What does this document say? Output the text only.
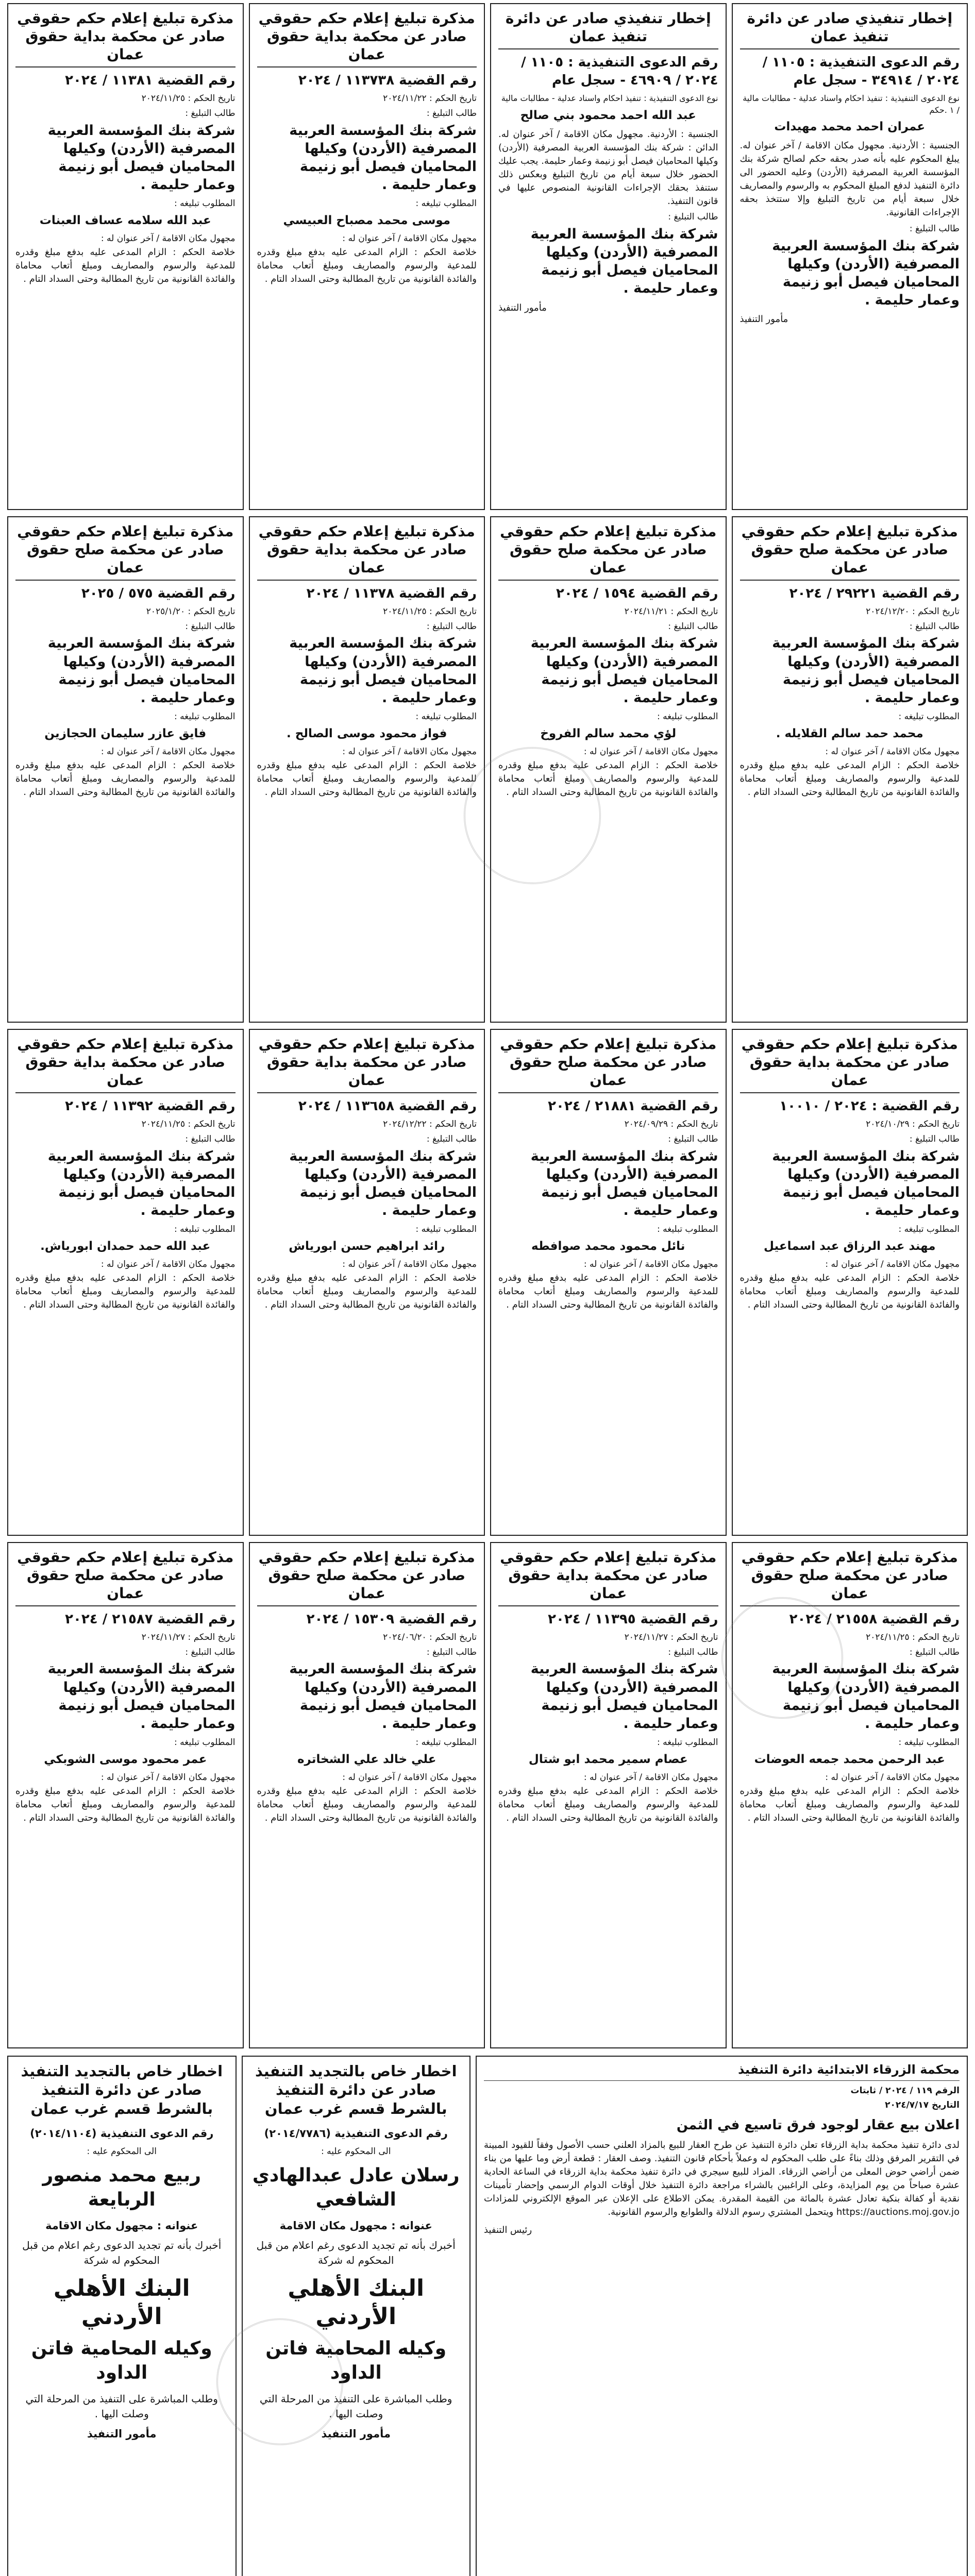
إخطار تنفيذي صادر عن دائرة تنفيذ عمان
رقم الدعوى التنفيذية : ١١٠٥ / ٢٠٢٤ / ٣٤٩١٤ - سجل عام
نوع الدعوى التنفيذية : تنفيذ احكام واسناد عدلية - مطالبات مالية / ١ .حكم
عمران احمد محمد مهيدات
الجنسية : الأردنية. مجهول مكان الاقامة / آخر عنوان له. يبلغ المحكوم عليه بأنه صدر بحقه حكم لصالح شركة بنك المؤسسة العربية المصرفية (الأردن) وعليه الحضور الى دائرة التنفيذ لدفع المبلغ المحكوم به والرسوم والمصاريف خلال سبعة أيام من تاريخ التبليغ وإلا ستتخذ بحقه الإجراءات القانونية.
طالب التبليغ :
شركة بنك المؤسسة العربية المصرفية (الأردن) وكيلها المحاميان فيصل أبو زنيمة وعمار حليمة .
مأمور التنفيذ
إخطار تنفيذي صادر عن دائرة تنفيذ عمان
رقم الدعوى التنفيذية : ١١٠٥ / ٢٠٢٤ / ٤٦٩٠٩ - سجل عام
نوع الدعوى التنفيذية : تنفيذ احكام واسناد عدلية - مطالبات مالية
عبد الله احمد محمود بني صالح
الجنسية : الأردنية. مجهول مكان الاقامة / آخر عنوان له. الدائن : شركة بنك المؤسسة العربية المصرفية (الأردن) وكيلها المحاميان فيصل أبو زنيمة وعمار حليمة. يجب عليك الحضور خلال سبعة أيام من تاريخ التبليغ وبعكس ذلك ستنفذ بحقك الإجراءات القانونية المنصوص عليها في قانون التنفيذ.
طالب التبليغ :
شركة بنك المؤسسة العربية المصرفية (الأردن) وكيلها المحاميان فيصل أبو زنيمة وعمار حليمة .
مأمور التنفيذ
مذكرة تبليغ إعلام حكم حقوقي صادر عن محكمة بداية حقوق عمان
رقم القضية ١١٣٧٣٨ / ٢٠٢٤
تاريخ الحكم : ٢٠٢٤/١١/٢٢
طالب التبليغ :
شركة بنك المؤسسة العربية المصرفية (الأردن) وكيلها المحاميان فيصل أبو زنيمة وعمار حليمة .
المطلوب تبليغه :
موسى محمد مصباح العبيسي
مجهول مكان الاقامة / آخر عنوان له :
خلاصة الحكم : الزام المدعى عليه بدفع مبلغ وقدره للمدعية والرسوم والمصاريف ومبلغ أتعاب محاماة والفائدة القانونية من تاريخ المطالبة وحتى السداد التام .
مذكرة تبليغ إعلام حكم حقوقي صادر عن محكمة بداية حقوق عمان
رقم القضية ١١٣٨١ / ٢٠٢٤
تاريخ الحكم : ٢٠٢٤/١١/٢٥
طالب التبليغ :
شركة بنك المؤسسة العربية المصرفية (الأردن) وكيلها المحاميان فيصل أبو زنيمة وعمار حليمة .
المطلوب تبليغه :
عبد الله سلامه عساف العبنات
مجهول مكان الاقامة / آخر عنوان له :
خلاصة الحكم : الزام المدعى عليه بدفع مبلغ وقدره للمدعية والرسوم والمصاريف ومبلغ أتعاب محاماة والفائدة القانونية من تاريخ المطالبة وحتى السداد التام .
مذكرة تبليغ إعلام حكم حقوقي صادر عن محكمة صلح حقوق عمان
رقم القضية ٢٩٢٢١ / ٢٠٢٤
تاريخ الحكم : ٢٠٢٤/١٢/٢٠
طالب التبليغ :
شركة بنك المؤسسة العربية المصرفية (الأردن) وكيلها المحاميان فيصل أبو زنيمة وعمار حليمة .
المطلوب تبليغه :
محمد حمد سالم القلايله .
مجهول مكان الاقامة / آخر عنوان له :
خلاصة الحكم : الزام المدعى عليه بدفع مبلغ وقدره للمدعية والرسوم والمصاريف ومبلغ أتعاب محاماة والفائدة القانونية من تاريخ المطالبة وحتى السداد التام .
مذكرة تبليغ إعلام حكم حقوقي صادر عن محكمة صلح حقوق عمان
رقم القضية ١٥٩٤ / ٢٠٢٤
تاريخ الحكم : ٢٠٢٤/١١/٢١
طالب التبليغ :
شركة بنك المؤسسة العربية المصرفية (الأردن) وكيلها المحاميان فيصل أبو زنيمة وعمار حليمة .
المطلوب تبليغه :
لؤي محمد سالم الفروخ
مجهول مكان الاقامة / آخر عنوان له :
خلاصة الحكم : الزام المدعى عليه بدفع مبلغ وقدره للمدعية والرسوم والمصاريف ومبلغ أتعاب محاماة والفائدة القانونية من تاريخ المطالبة وحتى السداد التام .
مذكرة تبليغ إعلام حكم حقوقي صادر عن محكمة بداية حقوق عمان
رقم القضية ١١٣٧٨ / ٢٠٢٤
تاريخ الحكم : ٢٠٢٤/١١/٢٥
طالب التبليغ :
شركة بنك المؤسسة العربية المصرفية (الأردن) وكيلها المحاميان فيصل أبو زنيمة وعمار حليمة .
المطلوب تبليغه :
فواز محمود موسى الصالح .
مجهول مكان الاقامة / آخر عنوان له :
خلاصة الحكم : الزام المدعى عليه بدفع مبلغ وقدره للمدعية والرسوم والمصاريف ومبلغ أتعاب محاماة والفائدة القانونية من تاريخ المطالبة وحتى السداد التام .
مذكرة تبليغ إعلام حكم حقوقي صادر عن محكمة صلح حقوق عمان
رقم القضية ٥٧٥ / ٢٠٢٥
تاريخ الحكم : ٢٠٢٥/١/٢٠
طالب التبليغ :
شركة بنك المؤسسة العربية المصرفية (الأردن) وكيلها المحاميان فيصل أبو زنيمة وعمار حليمة .
المطلوب تبليغه :
فايق عازر سليمان الحجازين
مجهول مكان الاقامة / آخر عنوان له :
خلاصة الحكم : الزام المدعى عليه بدفع مبلغ وقدره للمدعية والرسوم والمصاريف ومبلغ أتعاب محاماة والفائدة القانونية من تاريخ المطالبة وحتى السداد التام .
مذكرة تبليغ إعلام حكم حقوقي صادر عن محكمة بداية حقوق عمان
رقم القضية : ٢٠٢٤ / ١٠٠١٠
تاريخ الحكم : ٢٠٢٤/١٠/٢٩
طالب التبليغ :
شركة بنك المؤسسة العربية المصرفية (الأردن) وكيلها المحاميان فيصل أبو زنيمة وعمار حليمة .
المطلوب تبليغه :
مهند عبد الرزاق عبد اسماعيل
مجهول مكان الاقامة / آخر عنوان له :
خلاصة الحكم : الزام المدعى عليه بدفع مبلغ وقدره للمدعية والرسوم والمصاريف ومبلغ أتعاب محاماة والفائدة القانونية من تاريخ المطالبة وحتى السداد التام .
مذكرة تبليغ إعلام حكم حقوقي صادر عن محكمة صلح حقوق عمان
رقم القضية ٢١٨٨١ / ٢٠٢٤
تاريخ الحكم : ٢٠٢٤/٠٩/٢٩
طالب التبليغ :
شركة بنك المؤسسة العربية المصرفية (الأردن) وكيلها المحاميان فيصل أبو زنيمة وعمار حليمة .
المطلوب تبليغه :
نائل محمود محمد صوافطه
مجهول مكان الاقامة / آخر عنوان له :
خلاصة الحكم : الزام المدعى عليه بدفع مبلغ وقدره للمدعية والرسوم والمصاريف ومبلغ أتعاب محاماة والفائدة القانونية من تاريخ المطالبة وحتى السداد التام .
مذكرة تبليغ إعلام حكم حقوقي صادر عن محكمة بداية حقوق عمان
رقم القضية ١١٣٦٥٨ / ٢٠٢٤
تاريخ الحكم : ٢٠٢٤/١٢/٢٢
طالب التبليغ :
شركة بنك المؤسسة العربية المصرفية (الأردن) وكيلها المحاميان فيصل أبو زنيمة وعمار حليمة .
المطلوب تبليغه :
رائد ابراهيم حسن ابورياش
مجهول مكان الاقامة / آخر عنوان له :
خلاصة الحكم : الزام المدعى عليه بدفع مبلغ وقدره للمدعية والرسوم والمصاريف ومبلغ أتعاب محاماة والفائدة القانونية من تاريخ المطالبة وحتى السداد التام .
مذكرة تبليغ إعلام حكم حقوقي صادر عن محكمة بداية حقوق عمان
رقم القضية ١١٣٩٢ / ٢٠٢٤
تاريخ الحكم : ٢٠٢٤/١١/٢٥
طالب التبليغ :
شركة بنك المؤسسة العربية المصرفية (الأردن) وكيلها المحاميان فيصل أبو زنيمة وعمار حليمة .
المطلوب تبليغه :
عبد الله حمد حمدان ابورياش.
مجهول مكان الاقامة / آخر عنوان له :
خلاصة الحكم : الزام المدعى عليه بدفع مبلغ وقدره للمدعية والرسوم والمصاريف ومبلغ أتعاب محاماة والفائدة القانونية من تاريخ المطالبة وحتى السداد التام .
مذكرة تبليغ إعلام حكم حقوقي صادر عن محكمة صلح حقوق عمان
رقم القضية ٢١٥٥٨ / ٢٠٢٤
تاريخ الحكم : ٢٠٢٤/١١/٢٥
طالب التبليغ :
شركة بنك المؤسسة العربية المصرفية (الأردن) وكيلها المحاميان فيصل أبو زنيمة وعمار حليمة .
المطلوب تبليغه :
عبد الرحمن محمد جمعه العوضات
مجهول مكان الاقامة / آخر عنوان له :
خلاصة الحكم : الزام المدعى عليه بدفع مبلغ وقدره للمدعية والرسوم والمصاريف ومبلغ أتعاب محاماة والفائدة القانونية من تاريخ المطالبة وحتى السداد التام .
مذكرة تبليغ إعلام حكم حقوقي صادر عن محكمة بداية حقوق عمان
رقم القضية ١١٣٩٥ / ٢٠٢٤
تاريخ الحكم : ٢٠٢٤/١١/٢٧
طالب التبليغ :
شركة بنك المؤسسة العربية المصرفية (الأردن) وكيلها المحاميان فيصل أبو زنيمة وعمار حليمة .
المطلوب تبليغه :
عصام سمير محمد ابو شتال
مجهول مكان الاقامة / آخر عنوان له :
خلاصة الحكم : الزام المدعى عليه بدفع مبلغ وقدره للمدعية والرسوم والمصاريف ومبلغ أتعاب محاماة والفائدة القانونية من تاريخ المطالبة وحتى السداد التام .
مذكرة تبليغ إعلام حكم حقوقي صادر عن محكمة صلح حقوق عمان
رقم القضية ١٥٣٠٩ / ٢٠٢٤
تاريخ الحكم : ٢٠٢٤/٠٦/٢٠
طالب التبليغ :
شركة بنك المؤسسة العربية المصرفية (الأردن) وكيلها المحاميان فيصل أبو زنيمة وعمار حليمة .
المطلوب تبليغه :
علي خالد علي الشخاتره
مجهول مكان الاقامة / آخر عنوان له :
خلاصة الحكم : الزام المدعى عليه بدفع مبلغ وقدره للمدعية والرسوم والمصاريف ومبلغ أتعاب محاماة والفائدة القانونية من تاريخ المطالبة وحتى السداد التام .
مذكرة تبليغ إعلام حكم حقوقي صادر عن محكمة صلح حقوق عمان
رقم القضية ٢١٥٨٧ / ٢٠٢٤
تاريخ الحكم : ٢٠٢٤/١١/٢٧
طالب التبليغ :
شركة بنك المؤسسة العربية المصرفية (الأردن) وكيلها المحاميان فيصل أبو زنيمة وعمار حليمة .
المطلوب تبليغه :
عمر محمود موسى الشوبكي
مجهول مكان الاقامة / آخر عنوان له :
خلاصة الحكم : الزام المدعى عليه بدفع مبلغ وقدره للمدعية والرسوم والمصاريف ومبلغ أتعاب محاماة والفائدة القانونية من تاريخ المطالبة وحتى السداد التام .
اخطار خاص بالتجديد التنفيذ صادر عن دائرة التنفيذ بالشرط قسم غرب عمان
رقم الدعوى التنفيذية (٢٠١٤/١١٠٤)
الى المحكوم عليه :
ربيع محمد منصور الربايعة
عنوانه : مجهول مكان الاقامة
أخبرك بأنه تم تجديد الدعوى رغم اعلام من قبل المحكوم له شركة
البنك الأهلي الأردني
وكيله المحامية فاتن الداود
وطلب المباشرة على التنفيذ من المرحلة التي وصلت اليها .
مأمور التنفيذ
اخطار خاص بالتجديد التنفيذ صادر عن دائرة التنفيذ بالشرط قسم غرب عمان
رقم الدعوى التنفيذية (٢٠١٤/٧٧٨٦)
الى المحكوم عليه :
رسلان عادل عبدالهادي الشافعي
عنوانه : مجهول مكان الاقامة
أخبرك بأنه تم تجديد الدعوى رغم اعلام من قبل المحكوم له شركة
البنك الأهلي الأردني
وكيله المحامية فاتن الداود
وطلب المباشرة على التنفيذ من المرحلة التي وصلت اليها .
مأمور التنفيذ
محكمة الزرقاء الابتدائية دائرة التنفيذ
الرقم ١١٩ / ٢٠٢٤ / ثابتات
التاريخ ٢٠٢٤/٧/١٧
اعلان بيع عقار لوجود فرق تاسيع في الثمن
لدى دائرة تنفيذ محكمة بداية الزرقاء تعلن دائرة التنفيذ عن طرح العقار للبيع بالمزاد العلني حسب الأصول وفقاً للقيود المبينة في التقرير المرفق وذلك بناءً على طلب المحكوم له وعملاً بأحكام قانون التنفيذ. وصف العقار : قطعة أرض وما عليها من بناء ضمن أراضي حوض المعلى من أراضي الزرقاء. المزاد للبيع سيجري في دائرة تنفيذ محكمة بداية الزرقاء في الساعة الحادية عشرة صباحاً من يوم المزايدة، وعلى الراغبين بالشراء مراجعة دائرة التنفيذ خلال أوقات الدوام الرسمي وإحضار تأمينات نقدية أو كفالة بنكية تعادل عشرة بالمائة من القيمة المقدرة. يمكن الاطلاع على الإعلان عبر الموقع الإلكتروني للمزادات https://auctions.moj.gov.jo ويتحمل المشتري رسوم الدلالة والطوابع والرسوم القانونية.
رئيس التنفيذ
